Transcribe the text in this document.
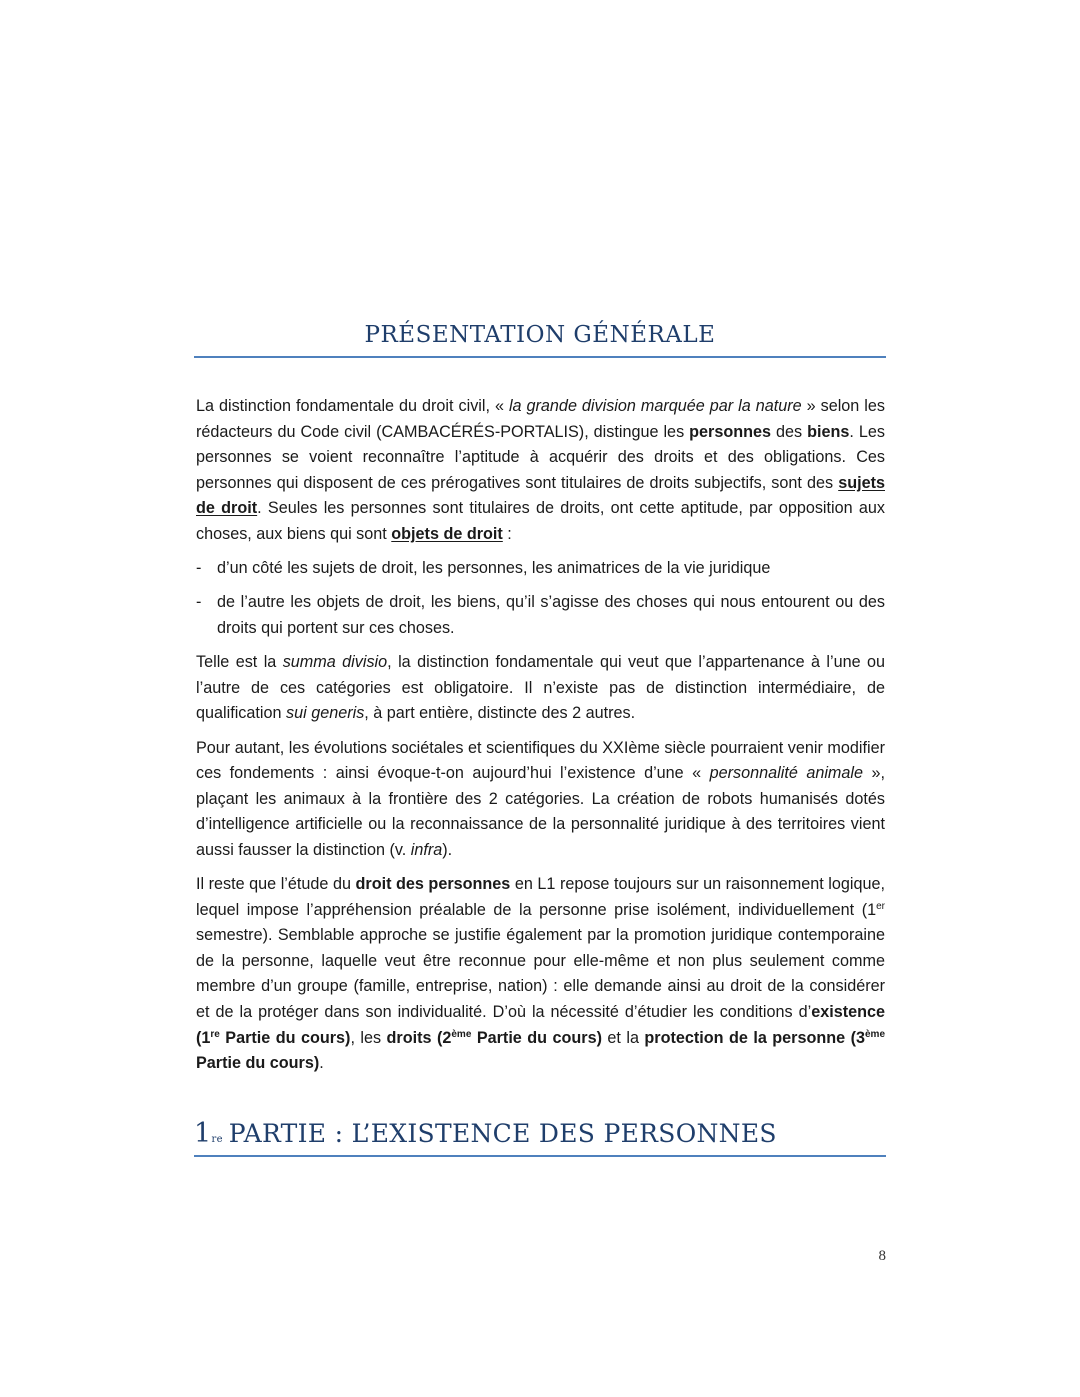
PRÉSENTATION GÉNÉRALE

La distinction fondamentale du droit civil, « la grande division marquée par la nature » selon les rédacteurs du Code civil (CAMBACÉRÉS-PORTALIS), distingue les personnes des biens. Les personnes se voient reconnaître l’aptitude à acquérir des droits et des obligations. Ces personnes qui disposent de ces prérogatives sont titulaires de droits subjectifs, sont des sujets de droit. Seules les personnes sont titulaires de droits, ont cette aptitude, par opposition aux choses, aux biens qui sont objets de droit :

- d’un côté les sujets de droit, les personnes, les animatrices de la vie juridique
- de l’autre les objets de droit, les biens, qu’il s’agisse des choses qui nous entourent ou des droits qui portent sur ces choses.

Telle est la summa divisio, la distinction fondamentale qui veut que l’appartenance à l’une ou l’autre de ces catégories est obligatoire. Il n’existe pas de distinction intermédiaire, de qualification sui generis, à part entière, distincte des 2 autres.

Pour autant, les évolutions sociétales et scientifiques du XXIème siècle pourraient venir modifier ces fondements : ainsi évoque-t-on aujourd’hui l’existence d’une « personnalité animale », plaçant les animaux à la frontière des 2 catégories. La création de robots humanisés dotés d’intelligence artificielle ou la reconnaissance de la personnalité juridique à des territoires vient aussi fausser la distinction (v. infra).

Il reste que l’étude du droit des personnes en L1 repose toujours sur un raisonnement logique, lequel impose l’appréhension préalable de la personne prise isolément, individuellement (1er semestre). Semblable approche se justifie également par la promotion juridique contemporaine de la personne, laquelle veut être reconnue pour elle-même et non plus seulement comme membre d’un groupe (famille, entreprise, nation) : elle demande ainsi au droit de la considérer et de la protéger dans son individualité. D’où la nécessité d’étudier les conditions d’existence (1re Partie du cours), les droits (2ème Partie du cours) et la protection de la personne (3ème Partie du cours).

1re PARTIE : L’EXISTENCE DES PERSONNES
8
